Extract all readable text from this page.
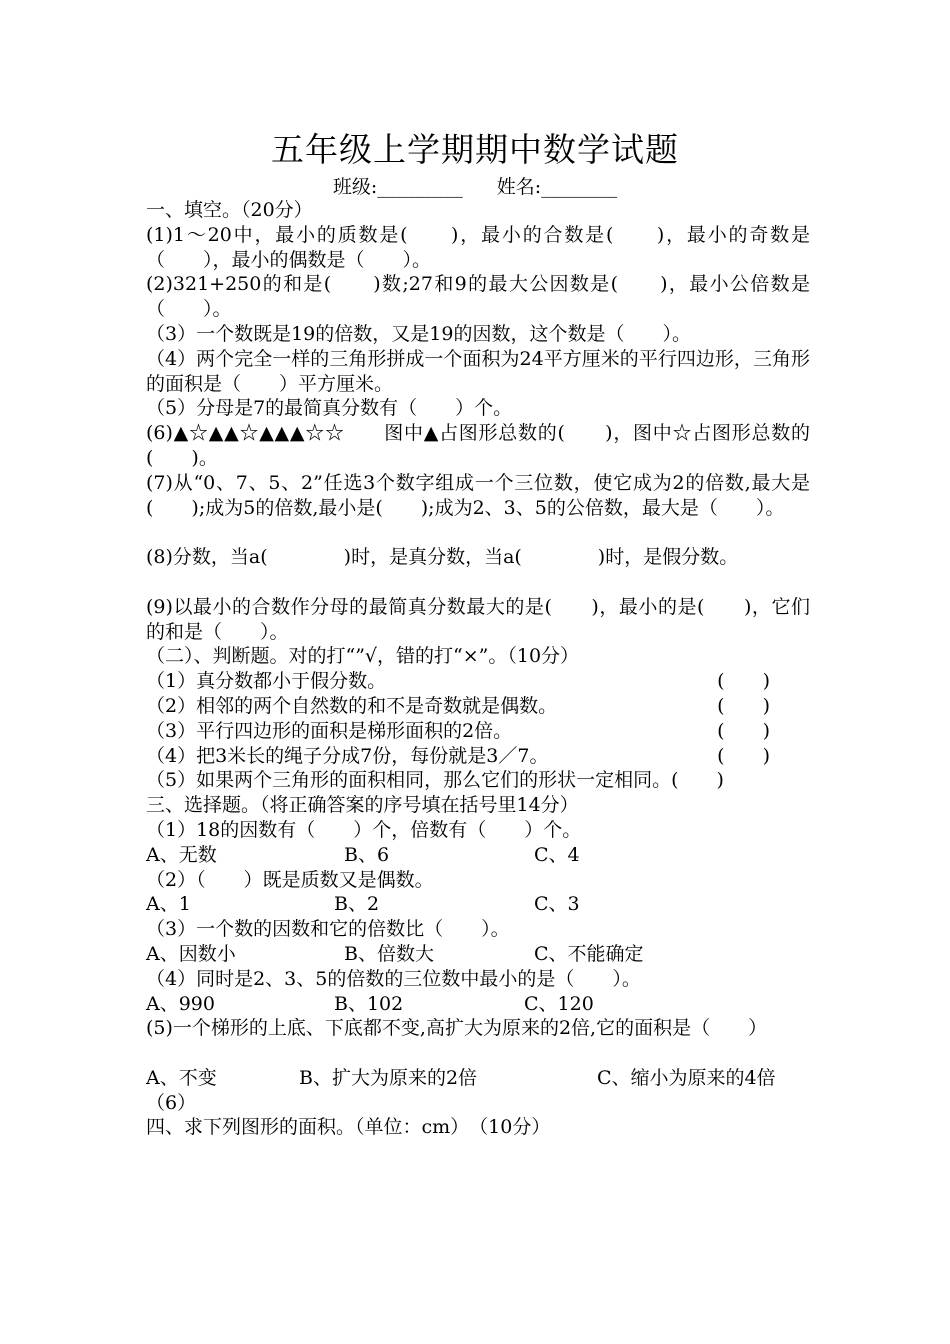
五年级上学期期中数学试题
班级:_________ 姓名:________
一、填空。（20分）
(1)1～20中，最小的质数是(　　)，最小的合数是(　　)，最小的奇数是（　　），最小的偶数是（　　）。
(2)321+250的和是(　　)数;27和9的最大公因数是(　　)，最小公倍数是（　　）。
（3）一个数既是19的倍数，又是19的因数，这个数是（　　）。
（4）两个完全一样的三角形拼成一个面积为24平方厘米的平行四边形，三角形的面积是（　　）平方厘米。
（5）分母是7的最简真分数有（　　）个。
(6)▲☆▲▲☆▲▲▲☆☆　　图中▲占图形总数的(　　)，图中☆占图形总数的(　　)。
(7)从“0、7、5、2”任选3个数字组成一个三位数，使它成为2的倍数,最大是(　　);成为5的倍数,最小是(　　);成为2、3、5的公倍数，最大是（　　）。
(8)分数，当a(　　　　)时，是真分数，当a(　　　　)时，是假分数。
(9)以最小的合数作分母的最简真分数最大的是(　　)，最小的是(　　)，它们的和是（　　）。
（二）、判断题。对的打“”√，错的打“×”。（10分）
（1）真分数都小于假分数。	(　　)
（2）相邻的两个自然数的和不是奇数就是偶数。	(　　)
（3）平行四边形的面积是梯形面积的2倍。	(　　)
（4）把3米长的绳子分成7份，每份就是3／7。	(　　)
（5）如果两个三角形的面积相同，那么它们的形状一定相同。(　　)
三、选择题。（将正确答案的序号填在括号里14分）
（1）18的因数有（　　）个，倍数有（　　）个。
A、无数	B、6	C、4
（2）（　　）既是质数又是偶数。
A、1	B、2	C、3
（3）一个数的因数和它的倍数比（　　）。
A、因数小	B、倍数大	C、不能确定
（4）同时是2、3、5的倍数的三位数中最小的是（　　）。
A、990	B、102	C、120
(5)一个梯形的上底、下底都不变,高扩大为原来的2倍,它的面积是（　　）
A、不变	B、扩大为原来的2倍	C、缩小为原来的4倍
（6）
四、求下列图形的面积。（单位：cm）　（10分）
